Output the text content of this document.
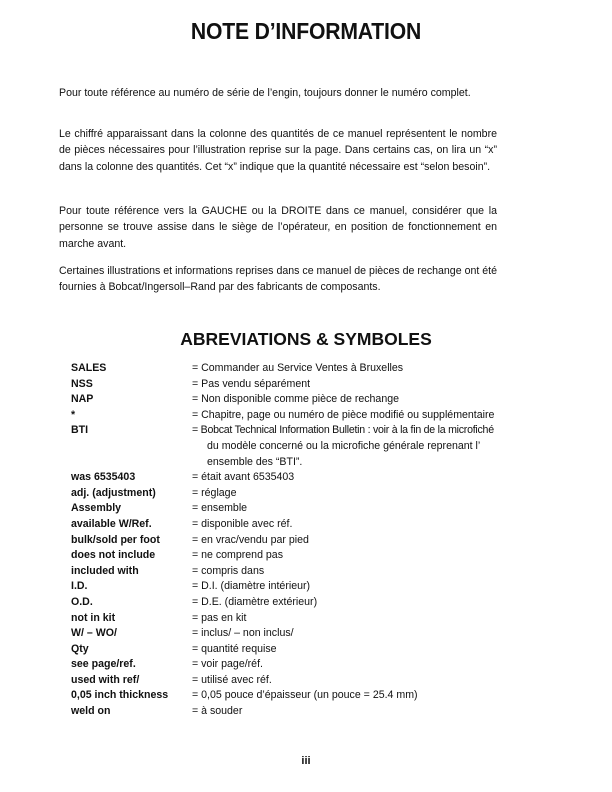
NOTE D’INFORMATION

Pour toute référence au numéro de série de l’engin, toujours donner le numéro complet.

Le chiffré apparaissant dans la colonne des quantités de ce manuel représentent le nombre de pièces nécessaires pour l’illustration reprise sur la page. Dans certains cas, on lira un “x” dans la colonne des quantités. Cet “x” indique que la quantité nécessaire est “selon besoin”.

Pour toute référence vers la GAUCHE ou la DROITE dans ce manuel, considérer que la personne se trouve assise dans le siège de l’opérateur, en position de fonctionnement en marche avant.

Certaines illustrations et informations reprises dans ce manuel de pièces de rechange ont été fournies à Bobcat/Ingersoll–Rand par des fabricants de composants.

ABREVIATIONS & SYMBOLES
SALES	= Commander au Service Ventes à Bruxelles
NSS	= Pas vendu séparément
NAP	= Non disponible comme pièce de rechange
*	= Chapitre, page ou numéro de pièce modifié ou supplémentaire
BTI	= Bobcat Technical Information Bulletin : voir à la fin de la microfiché
du modèle concerné ou la microfiche générale reprenant l’
ensemble des “BTI”.
was 6535403	= était avant 6535403
adj. (adjustment)	= réglage
Assembly	= ensemble
available W/Ref.	= disponible avec réf.
bulk/sold per foot	= en vrac/vendu par pied
does not include	= ne comprend pas
included with	= compris dans
I.D.	= D.I. (diamètre intérieur)
O.D.	= D.E. (diamètre extérieur)
not in kit	= pas en kit
W/ – WO/	= inclus/ – non inclus/
Qty	= quantité requise
see page/ref.	= voir page/réf.
used with ref/	= utilisé avec réf.
0,05 inch thickness	= 0,05 pouce d’épaisseur (un pouce = 25.4 mm)
weld on	= à souder
iii
